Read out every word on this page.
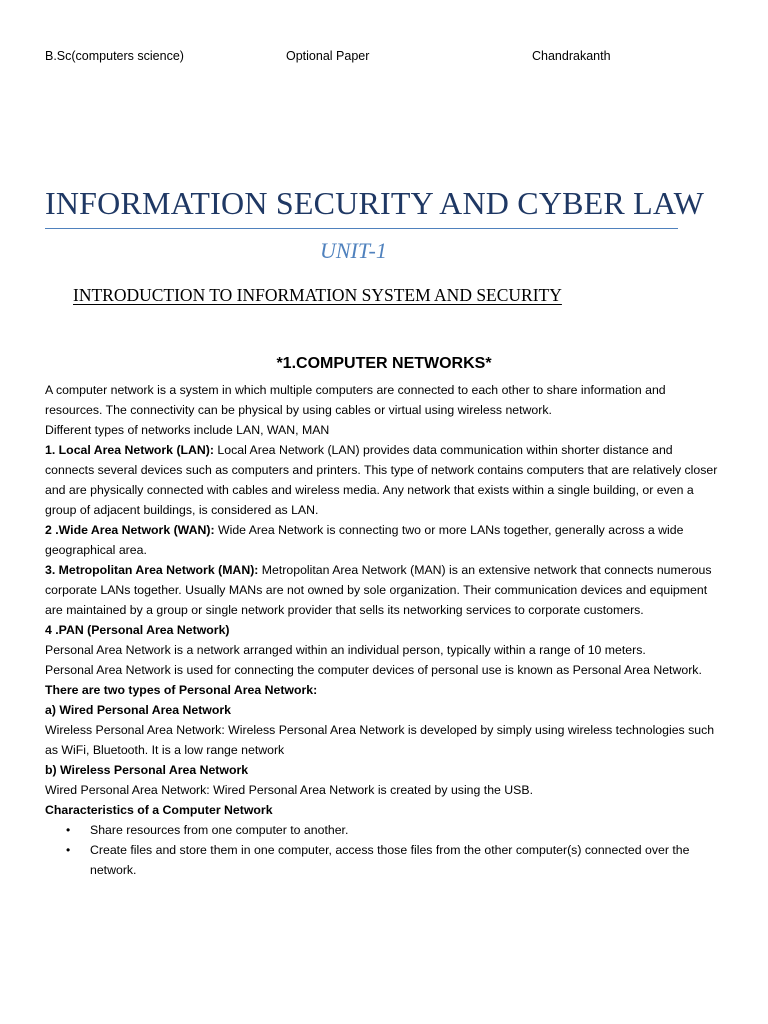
B.Sc(computers science)	Optional Paper	Chandrakanth
INFORMATION SECURITY AND CYBER LAW
UNIT-1
INTRODUCTION TO INFORMATION SYSTEM AND SECURITY
*1.COMPUTER NETWORKS*

A computer network is a system in which multiple computers are connected to each other to share information and resources. The connectivity can be physical by using cables or virtual using wireless network.

Different types of networks include LAN, WAN, MAN

1. Local Area Network (LAN): Local Area Network (LAN) provides data communication within shorter distance and connects several devices such as computers and printers. This type of network contains computers that are relatively closer and are physically connected with cables and wireless media. Any network that exists within a single building, or even a group of adjacent buildings, is considered as LAN.

2 .Wide Area Network (WAN): Wide Area Network is connecting two or more LANs together, generally across a wide geographical area.

3. Metropolitan Area Network (MAN): Metropolitan Area Network (MAN) is an extensive network that connects numerous corporate LANs together. Usually MANs are not owned by sole organization. Their communication devices and equipment are maintained by a group or single network provider that sells its networking services to corporate customers.

4 .PAN (Personal Area Network)

Personal Area Network is a network arranged within an individual person, typically within a range of 10 meters.

Personal Area Network is used for connecting the computer devices of personal use is known as Personal Area Network.

There are two types of Personal Area Network:

a) Wired Personal Area Network

Wireless Personal Area Network: Wireless Personal Area Network is developed by simply using wireless technologies such as WiFi, Bluetooth. It is a low range network

b) Wireless Personal Area Network

Wired Personal Area Network: Wired Personal Area Network is created by using the USB.

Characteristics of a Computer Network

•	Share resources from one computer to another.
•	Create files and store them in one computer, access those files from the other computer(s) connected over the network.
